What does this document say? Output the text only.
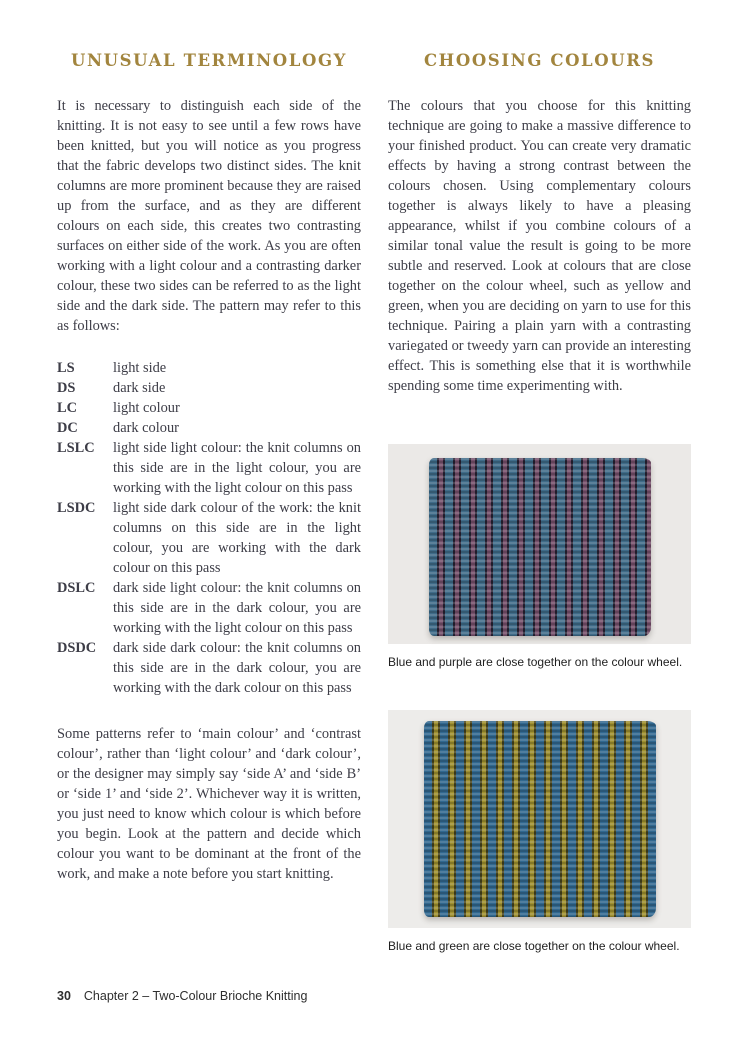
UNUSUAL TERMINOLOGY

It is necessary to distinguish each side of the knitting. It is not easy to see until a few rows have been knitted, but you will notice as you progress that the fabric develops two distinct sides. The knit columns are more prominent because they are raised up from the surface, and as they are different colours on each side, this creates two contrasting surfaces on either side of the work. As you are often working with a light colour and a contrasting darker colour, these two sides can be referred to as the light side and the dark side. The pattern may refer to this as follows:

LS	light side
DS	dark side
LC	light colour
DC	dark colour
LSLC	light side light colour: the knit columns on this side are in the light colour, you are working with the light colour on this pass
LSDC	light side dark colour of the work: the knit columns on this side are in the light colour, you are working with the dark colour on this pass
DSLC	dark side light colour: the knit columns on this side are in the dark colour, you are working with the light colour on this pass
DSDC	dark side dark colour: the knit columns on this side are in the dark colour, you are working with the dark colour on this pass

Some patterns refer to ‘main colour’ and ‘contrast colour’, rather than ‘light colour’ and ‘dark colour’, or the designer may simply say ‘side A’ and ‘side B’ or ‘side 1’ and ‘side 2’. Whichever way it is written, you just need to know which colour is which before you begin. Look at the pattern and decide which colour you want to be dominant at the front of the work, and make a note before you start knitting.

CHOOSING COLOURS

The colours that you choose for this knitting technique are going to make a massive difference to your finished product. You can create very dramatic effects by having a strong contrast between the colours chosen. Using complementary colours together is always likely to have a pleasing appearance, whilst if you combine colours of a similar tonal value the result is going to be more subtle and reserved. Look at colours that are close together on the colour wheel, such as yellow and green, when you are deciding on yarn to use for this technique. Pairing a plain yarn with a contrasting variegated or tweedy yarn can provide an interesting effect. This is something else that it is worthwhile spending some time experimenting with.

Blue and purple are close together on the colour wheel.
Blue and green are close together on the colour wheel.
30 Chapter 2 – Two-Colour Brioche Knitting
